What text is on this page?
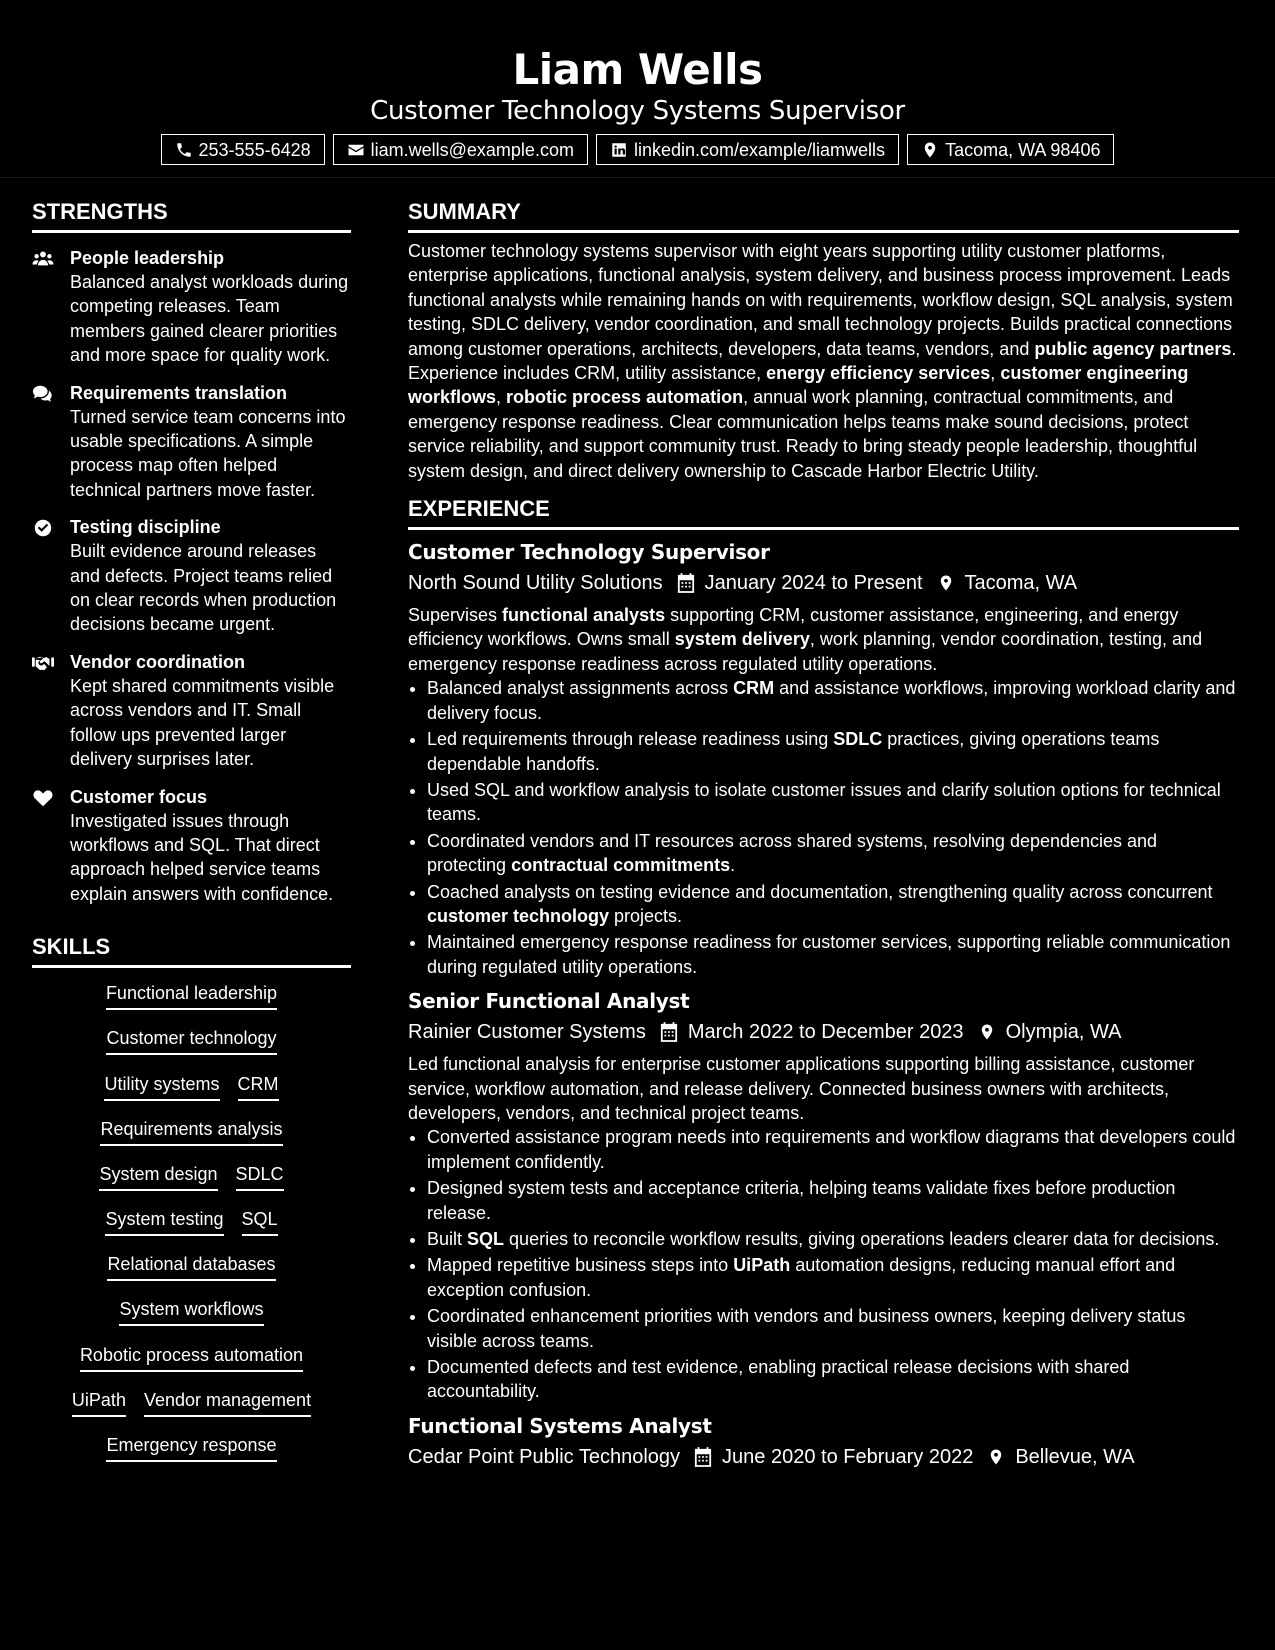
Liam Wells
Customer Technology Systems Supervisor
253-555-6428	liam.wells@example.com	linkedin.com/example/liamwells	Tacoma, WA 98406
STRENGTHS
People leadership
Balanced analyst workloads during competing releases. Team members gained clearer priorities and more space for quality work.
Requirements translation
Turned service team concerns into usable specifications. A simple process map often helped technical partners move faster.
Testing discipline
Built evidence around releases and defects. Project teams relied on clear records when production decisions became urgent.
Vendor coordination
Kept shared commitments visible across vendors and IT. Small follow ups prevented larger delivery surprises later.
Customer focus
Investigated issues through workflows and SQL. That direct approach helped service teams explain answers with confidence.
SKILLS
Functional leadership
Customer technology
Utility systems CRM
Requirements analysis
System design SDLC
System testing SQL
Relational databases
System workflows
Robotic process automation
UiPath Vendor management
Emergency response
SUMMARY
Customer technology systems supervisor with eight years supporting utility customer platforms, enterprise applications, functional analysis, system delivery, and business process improvement. Leads functional analysts while remaining hands on with requirements, workflow design, SQL analysis, system testing, SDLC delivery, vendor coordination, and small technology projects. Builds practical connections among customer operations, architects, developers, data teams, vendors, and public agency partners. Experience includes CRM, utility assistance, energy efficiency services, customer engineering workflows, robotic process automation, annual work planning, contractual commitments, and emergency response readiness. Clear communication helps teams make sound decisions, protect service reliability, and support community trust. Ready to bring steady people leadership, thoughtful system design, and direct delivery ownership to Cascade Harbor Electric Utility.
EXPERIENCE
Customer Technology Supervisor
North Sound Utility Solutions January 2024 to Present Tacoma, WA
Supervises functional analysts supporting CRM, customer assistance, engineering, and energy efficiency workflows. Owns small system delivery, work planning, vendor coordination, testing, and emergency response readiness across regulated utility operations.
• Balanced analyst assignments across CRM and assistance workflows, improving workload clarity and delivery focus.
• Led requirements through release readiness using SDLC practices, giving operations teams dependable handoffs.
• Used SQL and workflow analysis to isolate customer issues and clarify solution options for technical teams.
• Coordinated vendors and IT resources across shared systems, resolving dependencies and protecting contractual commitments.
• Coached analysts on testing evidence and documentation, strengthening quality across concurrent customer technology projects.
• Maintained emergency response readiness for customer services, supporting reliable communication during regulated utility operations.
Senior Functional Analyst
Rainier Customer Systems March 2022 to December 2023 Olympia, WA
Led functional analysis for enterprise customer applications supporting billing assistance, customer service, workflow automation, and release delivery. Connected business owners with architects, developers, vendors, and technical project teams.
• Converted assistance program needs into requirements and workflow diagrams that developers could implement confidently.
• Designed system tests and acceptance criteria, helping teams validate fixes before production release.
• Built SQL queries to reconcile workflow results, giving operations leaders clearer data for decisions.
• Mapped repetitive business steps into UiPath automation designs, reducing manual effort and exception confusion.
• Coordinated enhancement priorities with vendors and business owners, keeping delivery status visible across teams.
• Documented defects and test evidence, enabling practical release decisions with shared accountability.
Functional Systems Analyst
Cedar Point Public Technology June 2020 to February 2022 Bellevue, WA
